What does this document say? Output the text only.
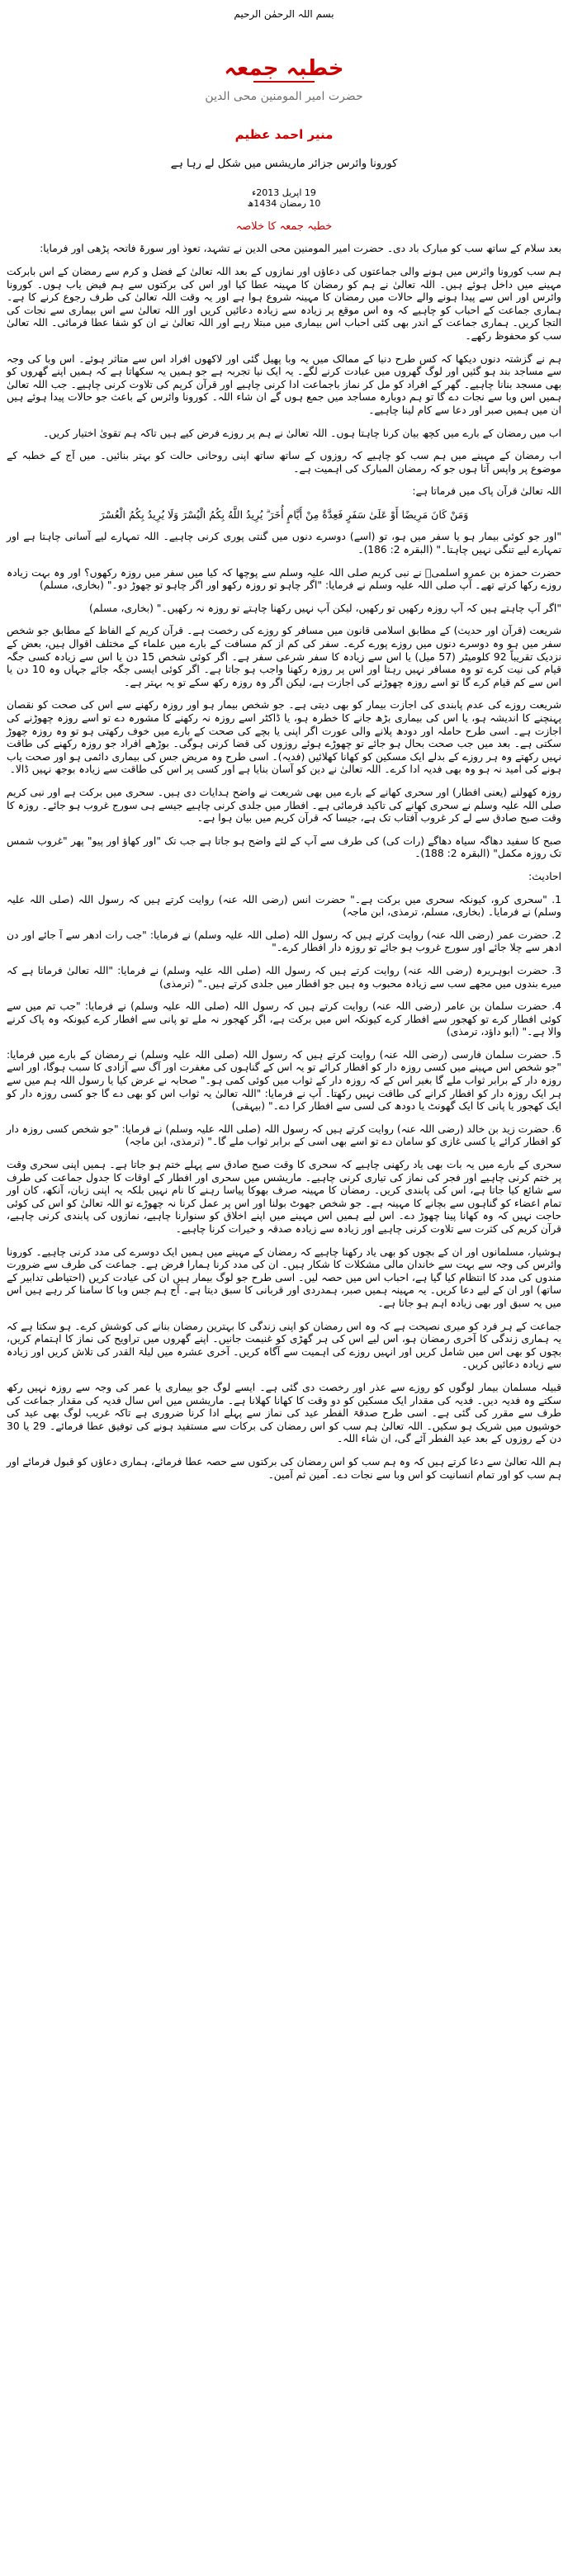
بسم اللہ الرحمٰن الرحیم
خطبہ جمعہ
حضرت امیر المومنین محی الدین
منیر احمد عظیم
کورونا وائرس جزائر ماریشس میں شکل لے رہا ہے
19 اپریل 2013ء
10 رمضان 1434ھ
خطبہ جمعہ کا خلاصہ

بعد سلام کے ساتھ سب کو مبارک باد دی۔ حضرت امیر المومنین محی الدین نے تشہد، تعوذ اور سورۃ فاتحہ پڑھی اور فرمایا:

ہم سب کورونا وائرس میں ہونے والی جماعتوں کی دعاؤں اور نمازوں کے بعد اللہ تعالیٰ کے فضل و کرم سے رمضان کے اس بابرکت مہینے میں داخل ہوئے ہیں۔ اللہ تعالیٰ نے ہم کو رمضان کا مہینہ عطا کیا اور اس کی برکتوں سے ہم فیض یاب ہوں۔ کورونا وائرس اور اس سے پیدا ہونے والے حالات میں رمضان کا مہینہ شروع ہوا ہے اور یہ وقت اللہ تعالیٰ کی طرف رجوع کرنے کا ہے۔ ہماری جماعت کے احباب کو چاہیے کہ وہ اس موقع پر زیادہ سے زیادہ دعائیں کریں اور اللہ تعالیٰ سے اس بیماری سے نجات کی التجا کریں۔ ہماری جماعت کے اندر بھی کئی احباب اس بیماری میں مبتلا رہے اور اللہ تعالیٰ نے ان کو شفا عطا فرمائی۔ اللہ تعالیٰ سب کو محفوظ رکھے۔

ہم نے گزشتہ دنوں دیکھا کہ کس طرح دنیا کے ممالک میں یہ وبا پھیل گئی اور لاکھوں افراد اس سے متاثر ہوئے۔ اس وبا کی وجہ سے مساجد بند ہو گئیں اور لوگ گھروں میں عبادت کرنے لگے۔ یہ ایک نیا تجربہ ہے جو ہمیں یہ سکھاتا ہے کہ ہمیں اپنے گھروں کو بھی مسجد بنانا چاہیے۔ گھر کے افراد کو مل کر نماز باجماعت ادا کرنی چاہیے اور قرآن کریم کی تلاوت کرنی چاہیے۔ جب اللہ تعالیٰ ہمیں اس وبا سے نجات دے گا تو ہم دوبارہ مساجد میں جمع ہوں گے ان شاء اللہ۔ کورونا وائرس کے باعث جو حالات پیدا ہوئے ہیں ان میں ہمیں صبر اور دعا سے کام لینا چاہیے۔

اب میں رمضان کے بارے میں کچھ بیان کرنا چاہتا ہوں۔ اللہ تعالیٰ نے ہم پر روزے فرض کیے ہیں تاکہ ہم تقویٰ اختیار کریں۔

اب رمضان کے مہینے میں ہم سب کو چاہیے کہ روزوں کے ساتھ ساتھ اپنی روحانی حالت کو بہتر بنائیں۔ میں آج کے خطبہ کے موضوع پر واپس آتا ہوں جو کہ رمضان المبارک کی اہمیت ہے۔

اللہ تعالیٰ قرآن پاک میں فرماتا ہے:

وَمَنْ كَانَ مَرِيضًا أَوْ عَلَىٰ سَفَرٍ فَعِدَّةٌ مِنْ أَيَّامٍ أُخَرَ ۗ يُرِيدُ اللَّهُ بِكُمُ الْيُسْرَ وَلَا يُرِيدُ بِكُمُ الْعُسْرَ

"اور جو کوئی بیمار ہو یا سفر میں ہو، تو (اسے) دوسرے دنوں میں گنتی پوری کرنی چاہیے۔ اللہ تمہارے لیے آسانی چاہتا ہے اور تمہارے لیے تنگی نہیں چاہتا۔" (البقرہ 2: 186)۔

حضرت حمزہ بن عمرو اسلمیؓ نے نبی کریم صلی اللہ علیہ وسلم سے پوچھا کہ کیا میں سفر میں روزہ رکھوں؟ اور وہ بہت زیادہ روزے رکھا کرتے تھے۔ آپ صلی اللہ علیہ وسلم نے فرمایا: "اگر چاہو تو روزہ رکھو اور اگر چاہو تو چھوڑ دو۔" (بخاری، مسلم)

"اگر آپ چاہتے ہیں کہ آپ روزہ رکھیں تو رکھیں، لیکن آپ نہیں رکھنا چاہتے تو روزہ نہ رکھیں۔" (بخاری، مسلم)

شریعت (قرآن اور حدیث) کے مطابق اسلامی قانون میں مسافر کو روزے کی رخصت ہے۔ قرآن کریم کے الفاظ کے مطابق جو شخص سفر میں ہو وہ دوسرے دنوں میں روزے پورے کرے۔ سفر کی کم از کم مسافت کے بارے میں علماء کے مختلف اقوال ہیں، بعض کے نزدیک تقریباً 92 کلومیٹر (57 میل) یا اس سے زیادہ کا سفر شرعی سفر ہے۔ اگر کوئی شخص 15 دن یا اس سے زیادہ کسی جگہ قیام کی نیت کرے تو وہ مسافر نہیں رہتا اور اس پر روزہ رکھنا واجب ہو جاتا ہے۔ اگر کوئی ایسی جگہ جائے جہاں وہ 10 دن یا اس سے کم قیام کرے گا تو اسے روزہ چھوڑنے کی اجازت ہے، لیکن اگر وہ روزہ رکھ سکے تو یہ بہتر ہے۔

شریعت روزے کی عدم پابندی کی اجازت بیمار کو بھی دیتی ہے۔ جو شخص بیمار ہو اور روزہ رکھنے سے اس کی صحت کو نقصان پہنچنے کا اندیشہ ہو، یا اس کی بیماری بڑھ جانے کا خطرہ ہو، یا ڈاکٹر اسے روزہ نہ رکھنے کا مشورہ دے تو اسے روزہ چھوڑنے کی اجازت ہے۔ اسی طرح حاملہ اور دودھ پلانے والی عورت اگر اپنی یا بچے کی صحت کے بارے میں خوف رکھتی ہو تو وہ روزہ چھوڑ سکتی ہے۔ بعد میں جب صحت بحال ہو جائے تو چھوڑے ہوئے روزوں کی قضا کرنی ہوگی۔ بوڑھے افراد جو روزہ رکھنے کی طاقت نہیں رکھتے وہ ہر روزے کے بدلے ایک مسکین کو کھانا کھلائیں (فدیہ)۔ اسی طرح وہ مریض جس کی بیماری دائمی ہو اور صحت یاب ہونے کی امید نہ ہو وہ بھی فدیہ ادا کرے۔ اللہ تعالیٰ نے دین کو آسان بنایا ہے اور کسی پر اس کی طاقت سے زیادہ بوجھ نہیں ڈالا۔

روزہ کھولنے (یعنی افطار) اور سحری کھانے کے بارے میں بھی شریعت نے واضح ہدایات دی ہیں۔ سحری میں برکت ہے اور نبی کریم صلی اللہ علیہ وسلم نے سحری کھانے کی تاکید فرمائی ہے۔ افطار میں جلدی کرنی چاہیے جیسے ہی سورج غروب ہو جائے۔ روزہ کا وقت صبح صادق سے لے کر غروب آفتاب تک ہے، جیسا کہ قرآن کریم میں بیان ہوا ہے۔

صبح کا سفید دھاگہ سیاہ دھاگے (رات کی) کی طرف سے آپ کے لئے واضح ہو جاتا ہے جب تک "اور کھاؤ اور پیو" پھر "غروب شمس تک روزہ مکمل" (البقرہ 2: 188)۔

احادیث:

1. "سحری کرو، کیونکہ سحری میں برکت ہے۔" حضرت انس (رضی اللہ عنہ) روایت کرتے ہیں کہ رسول اللہ (صلی اللہ علیہ وسلم) نے فرمایا۔ (بخاری، مسلم، ترمذی، ابن ماجہ)

2. حضرت عمر (رضی اللہ عنہ) روایت کرتے ہیں کہ رسول اللہ (صلی اللہ علیہ وسلم) نے فرمایا: "جب رات ادھر سے آ جائے اور دن ادھر سے چلا جائے اور سورج غروب ہو جائے تو روزہ دار افطار کرے۔"

3. حضرت ابوہریرہ (رضی اللہ عنہ) روایت کرتے ہیں کہ رسول اللہ (صلی اللہ علیہ وسلم) نے فرمایا: "اللہ تعالیٰ فرماتا ہے کہ میرے بندوں میں مجھے سب سے زیادہ محبوب وہ ہیں جو افطار میں جلدی کرتے ہیں۔" (ترمذی)

4. حضرت سلمان بن عامر (رضی اللہ عنہ) روایت کرتے ہیں کہ رسول اللہ (صلی اللہ علیہ وسلم) نے فرمایا: "جب تم میں سے کوئی افطار کرے تو کھجور سے افطار کرے کیونکہ اس میں برکت ہے، اگر کھجور نہ ملے تو پانی سے افطار کرے کیونکہ وہ پاک کرنے والا ہے۔" (ابو داؤد، ترمذی)

5. حضرت سلمان فارسی (رضی اللہ عنہ) روایت کرتے ہیں کہ رسول اللہ (صلی اللہ علیہ وسلم) نے رمضان کے بارے میں فرمایا: "جو شخص اس مہینے میں کسی روزہ دار کو افطار کرائے تو یہ اس کے گناہوں کی مغفرت اور آگ سے آزادی کا سبب ہوگا، اور اسے روزہ دار کے برابر ثواب ملے گا بغیر اس کے کہ روزہ دار کے ثواب میں کوئی کمی ہو۔" صحابہ نے عرض کیا یا رسول اللہ ہم میں سے ہر ایک روزہ دار کو افطار کرانے کی طاقت نہیں رکھتا۔ آپ نے فرمایا: "اللہ تعالیٰ یہ ثواب اس کو بھی دے گا جو کسی روزہ دار کو ایک کھجور یا پانی کا ایک گھونٹ یا دودھ کی لسی سے افطار کرا دے۔" (بیہقی)

6. حضرت زید بن خالد (رضی اللہ عنہ) روایت کرتے ہیں کہ رسول اللہ (صلی اللہ علیہ وسلم) نے فرمایا: "جو شخص کسی روزہ دار کو افطار کرائے یا کسی غازی کو سامان دے تو اسے بھی اسی کے برابر ثواب ملے گا۔" (ترمذی، ابن ماجہ)

سحری کے بارے میں یہ بات بھی یاد رکھنی چاہیے کہ سحری کا وقت صبح صادق سے پہلے ختم ہو جاتا ہے۔ ہمیں اپنی سحری وقت پر ختم کرنی چاہیے اور فجر کی نماز کی تیاری کرنی چاہیے۔ ماریشس میں سحری اور افطار کے اوقات کا جدول جماعت کی طرف سے شائع کیا جاتا ہے، اس کی پابندی کریں۔ رمضان کا مہینہ صرف بھوکا پیاسا رہنے کا نام نہیں بلکہ یہ اپنی زبان، آنکھ، کان اور تمام اعضاء کو گناہوں سے بچانے کا مہینہ ہے۔ جو شخص جھوٹ بولنا اور اس پر عمل کرنا نہ چھوڑے تو اللہ تعالیٰ کو اس کی کوئی حاجت نہیں کہ وہ کھانا پینا چھوڑ دے۔ اس لیے ہمیں اس مہینے میں اپنے اخلاق کو سنوارنا چاہیے، نمازوں کی پابندی کرنی چاہیے، قرآن کریم کی کثرت سے تلاوت کرنی چاہیے اور زیادہ سے زیادہ صدقہ و خیرات کرنا چاہیے۔

ہوشیار، مسلمانوں اور ان کے بچوں کو بھی یاد رکھنا چاہیے کہ رمضان کے مہینے میں ہمیں ایک دوسرے کی مدد کرنی چاہیے۔ کورونا وائرس کی وجہ سے بہت سے خاندان مالی مشکلات کا شکار ہیں۔ ان کی مدد کرنا ہمارا فرض ہے۔ جماعت کی طرف سے ضرورت مندوں کی مدد کا انتظام کیا گیا ہے، احباب اس میں حصہ لیں۔ اسی طرح جو لوگ بیمار ہیں ان کی عیادت کریں (احتیاطی تدابیر کے ساتھ) اور ان کے لیے دعا کریں۔ یہ مہینہ ہمیں صبر، ہمدردی اور قربانی کا سبق دیتا ہے۔ آج ہم جس وبا کا سامنا کر رہے ہیں اس میں یہ سبق اور بھی زیادہ اہم ہو جاتا ہے۔

جماعت کے ہر فرد کو میری نصیحت ہے کہ وہ اس رمضان کو اپنی زندگی کا بہترین رمضان بنانے کی کوشش کرے۔ ہو سکتا ہے کہ یہ ہماری زندگی کا آخری رمضان ہو، اس لیے اس کی ہر گھڑی کو غنیمت جانیں۔ اپنے گھروں میں تراویح کی نماز کا اہتمام کریں، بچوں کو بھی اس میں شامل کریں اور انہیں روزے کی اہمیت سے آگاہ کریں۔ آخری عشرہ میں لیلۃ القدر کی تلاش کریں اور زیادہ سے زیادہ دعائیں کریں۔

قبیلہ مسلمان بیمار لوگوں کو روزے سے عذر اور رخصت دی گئی ہے۔ ایسے لوگ جو بیماری یا عمر کی وجہ سے روزہ نہیں رکھ سکتے وہ فدیہ دیں۔ فدیہ کی مقدار ایک مسکین کو دو وقت کا کھانا کھلانا ہے۔ ماریشس میں اس سال فدیہ کی مقدار جماعت کی طرف سے مقرر کی گئی ہے۔ اسی طرح صدقۃ الفطر عید کی نماز سے پہلے ادا کرنا ضروری ہے تاکہ غریب لوگ بھی عید کی خوشیوں میں شریک ہو سکیں۔ اللہ تعالیٰ ہم سب کو اس رمضان کی برکات سے مستفید ہونے کی توفیق عطا فرمائے۔ 29 یا 30 دن کے روزوں کے بعد عید الفطر آئے گی، ان شاء اللہ۔

ہم اللہ تعالیٰ سے دعا کرتے ہیں کہ وہ ہم سب کو اس رمضان کی برکتوں سے حصہ عطا فرمائے، ہماری دعاؤں کو قبول فرمائے اور ہم سب کو اور تمام انسانیت کو اس وبا سے نجات دے۔ آمین ثم آمین۔
